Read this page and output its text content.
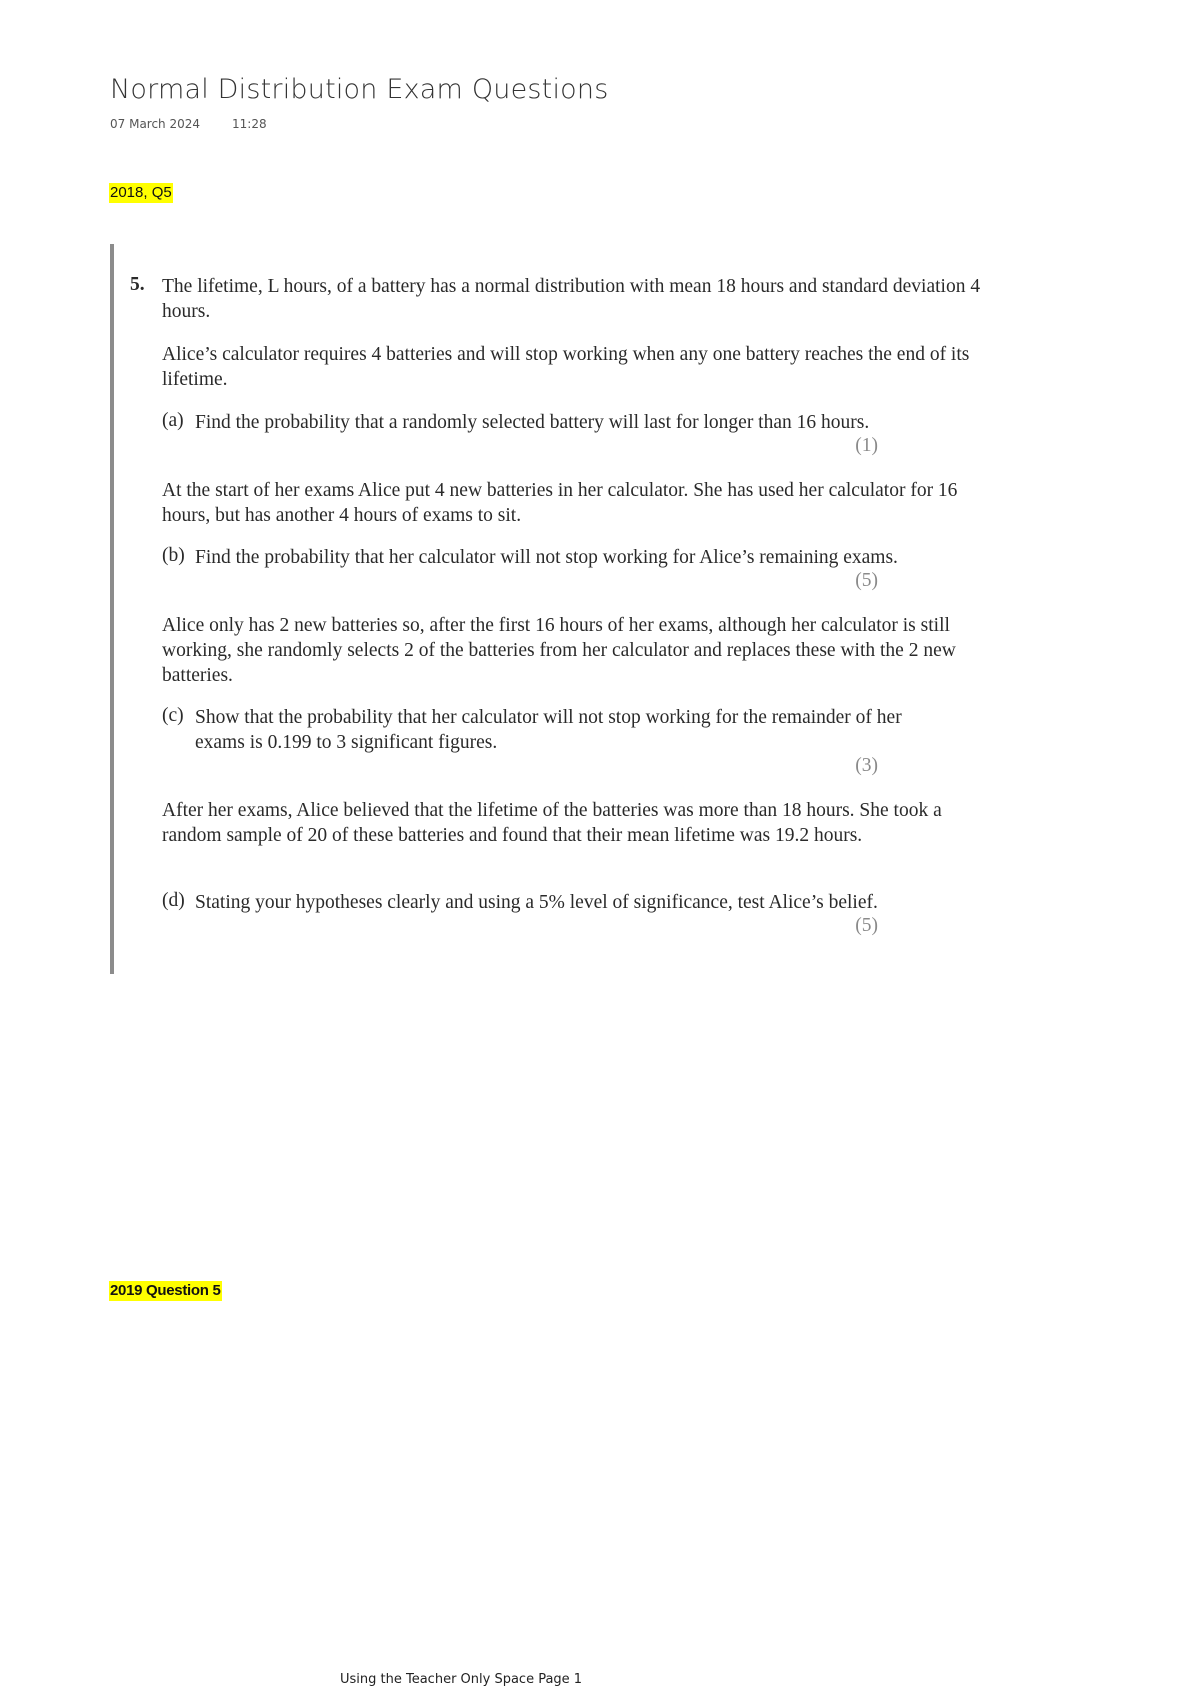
Normal Distribution Exam Questions
07 March 2024	11:28
2018, Q5
5. The lifetime, L hours, of a battery has a normal distribution with mean 18 hours and standard deviation 4 hours.
Alice’s calculator requires 4 batteries and will stop working when any one battery reaches the end of its lifetime.
(a) Find the probability that a randomly selected battery will last for longer than 16 hours.
(1)
At the start of her exams Alice put 4 new batteries in her calculator. She has used her calculator for 16 hours, but has another 4 hours of exams to sit.
(b) Find the probability that her calculator will not stop working for Alice’s remaining exams.
(5)
Alice only has 2 new batteries so, after the first 16 hours of her exams, although her calculator is still working, she randomly selects 2 of the batteries from her calculator and replaces these with the 2 new batteries.
(c) Show that the probability that her calculator will not stop working for the remainder of her exams is 0.199 to 3 significant figures.
(3)
After her exams, Alice believed that the lifetime of the batteries was more than 18 hours. She took a random sample of 20 of these batteries and found that their mean lifetime was 19.2 hours.
(d) Stating your hypotheses clearly and using a 5% level of significance, test Alice’s belief.
(5)
2019 Question 5
Using the Teacher Only Space Page 1
